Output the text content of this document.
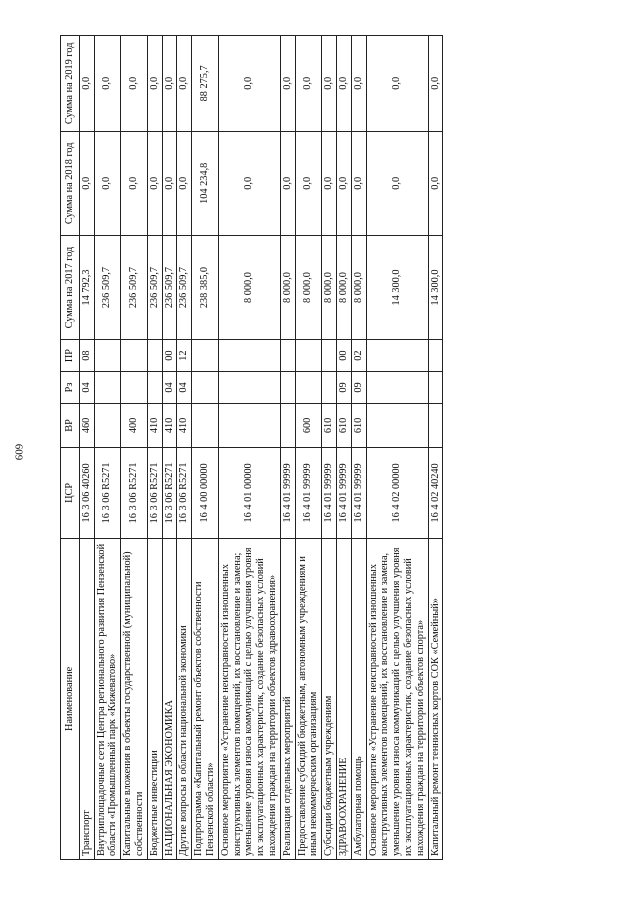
609
Наименование	ЦСР	ВР	Рз	ПР	Сумма на 2017 год	Сумма на 2018 год	Сумма на 2019 год
Транспорт	16 3 06 40260	460	04	08	14 792,3	0,0	0,0
Внутриплощадочные сети Центра регионального развития Пензенской области «Промышленный парк «Кижеватово»	16 3 06 R5271				236 509,7	0,0	0,0
Капитальные вложения в объекты государственной (муниципальной) собственности	16 3 06 R5271	400			236 509,7	0,0	0,0
Бюджетные инвестиции	16 3 06 R5271	410			236 509,7	0,0	0,0
НАЦИОНАЛЬНАЯ ЭКОНОМИКА	16 3 06 R5271	410	04	00	236 509,7	0,0	0,0
Другие вопросы в области национальной экономики	16 3 06 R5271	410	04	12	236 509,7	0,0	0,0
Подпрограмма «Капитальный ремонт объектов собственности Пензенской области»	16 4 00 00000				238 385,0	104 234,8	88 275,7
Основное мероприятие «Устранение неисправностей изношенных конструктивных элементов помещений, их восстановление и замена; уменьшение уровня износа коммуникаций с целью улучшения уровня их эксплуатационных характеристик, создание безопасных условий нахождения граждан на территории объектов здравоохранения»	16 4 01 00000				8 000,0	0,0	0,0
Реализация отдельных мероприятий	16 4 01 99999				8 000,0	0,0	0,0
Предоставление субсидий бюджетным, автономным учреждениям и иным некоммерческим организациям	16 4 01 99999	600			8 000,0	0,0	0,0
Субсидии бюджетным учреждениям	16 4 01 99999	610			8 000,0	0,0	0,0
ЗДРАВООХРАНЕНИЕ	16 4 01 99999	610	09	00	8 000,0	0,0	0,0
Амбулаторная помощь	16 4 01 99999	610	09	02	8 000,0	0,0	0,0
Основное мероприятие «Устранение неисправностей изношенных конструктивных элементов помещений, их восстановление и замена, уменьшение уровня износа коммуникаций с целью улучшения уровня их эксплуатационных характеристик, создание безопасных условий нахождения граждан на территории объектов спорта»	16 4 02 00000				14 300,0	0,0	0,0
Капитальный ремонт теннисных кортов СОК «Семейный»	16 4 02 40240				14 300,0	0,0	0,0
